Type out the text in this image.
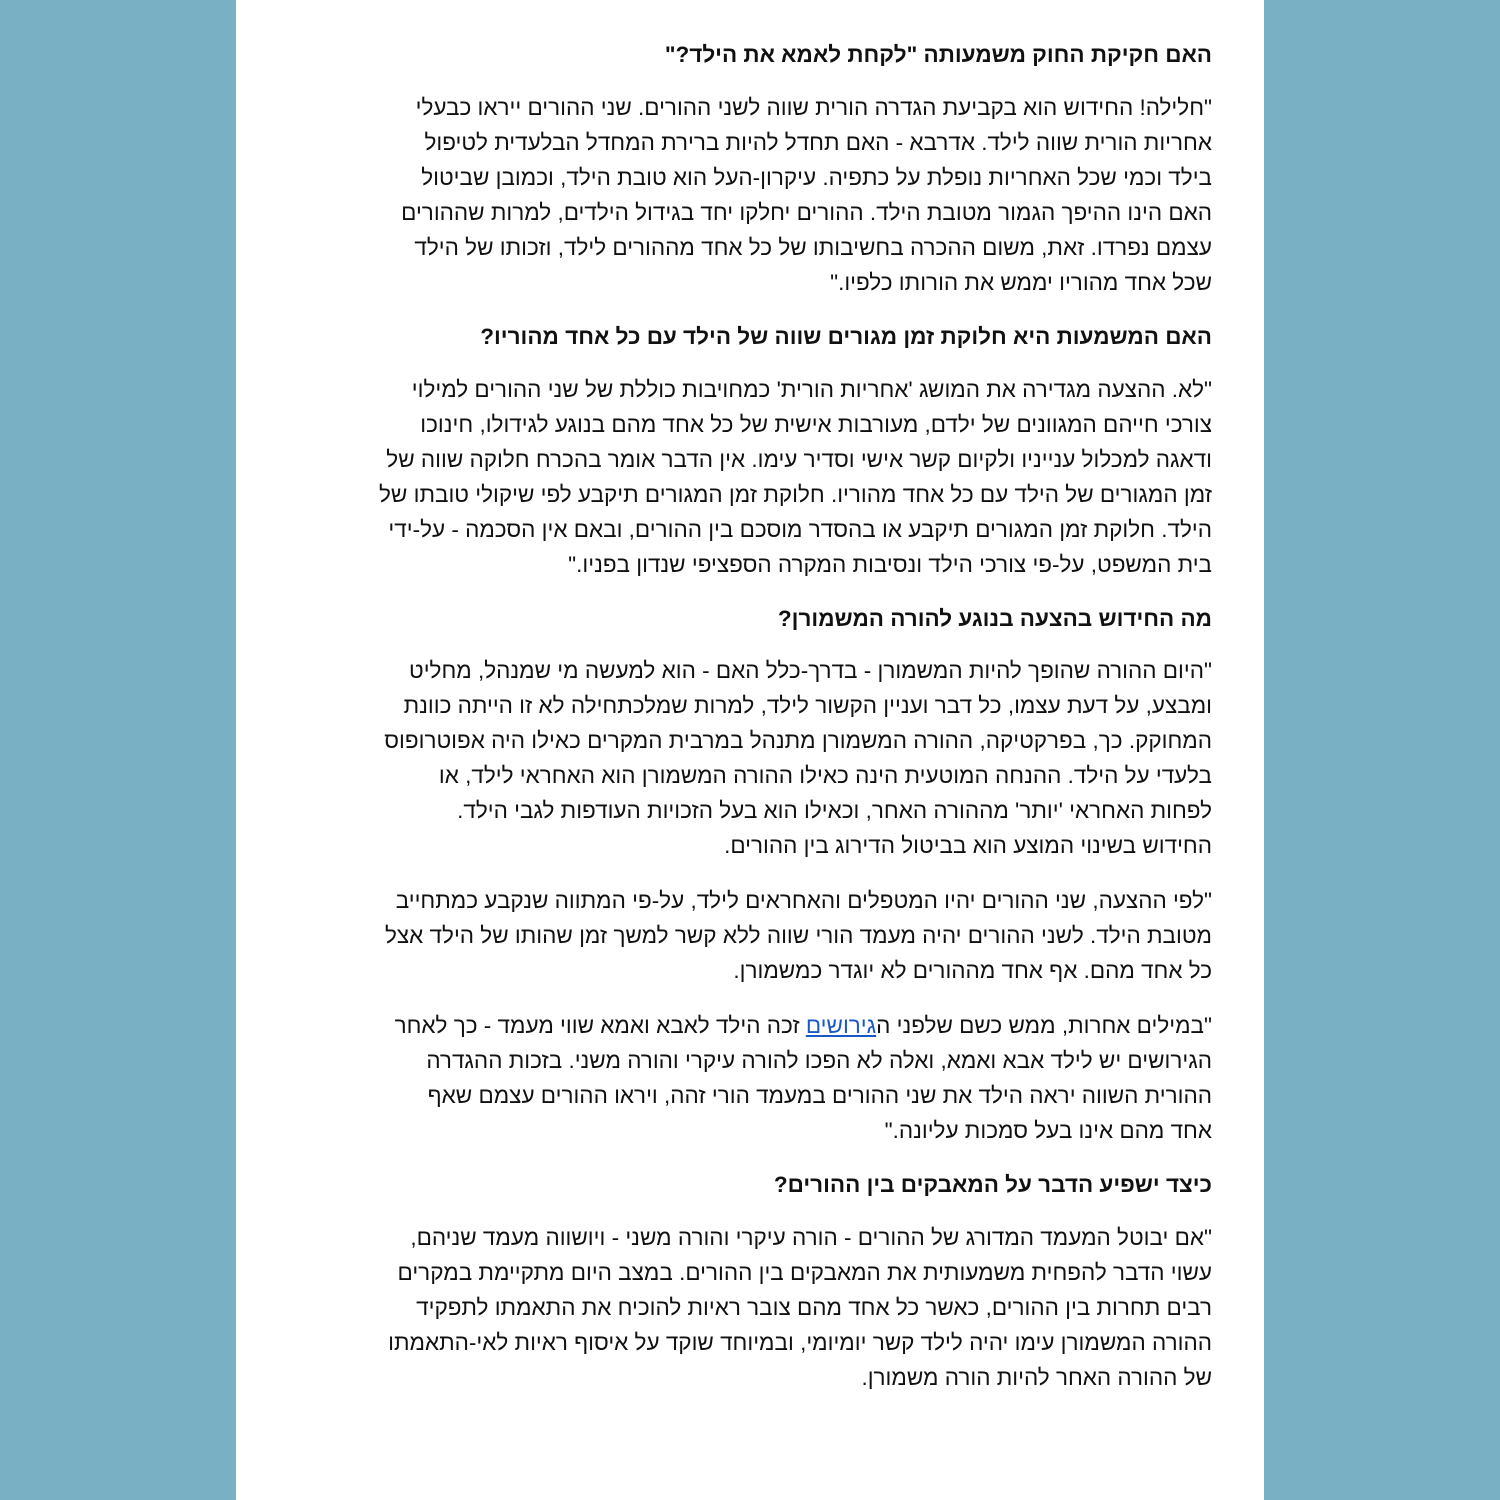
האם חקיקת החוק משמעותה "לקחת לאמא את הילד?"
"חלילה! החידוש הוא בקביעת הגדרה הורית שווה לשני ההורים. שני ההורים ייראו כבעלי
אחריות הורית שווה לילד. אדרבא - האם תחדל להיות ברירת המחדל הבלעדית לטיפול
בילד וכמי שכל האחריות נופלת על כתפיה. עיקרון-העל הוא טובת הילד, וכמובן שביטול
האם הינו ההיפך הגמור מטובת הילד. ההורים יחלקו יחד בגידול הילדים, למרות שההורים
עצמם נפרדו. זאת, משום ההכרה בחשיבותו של כל אחד מההורים לילד, וזכותו של הילד
שכל אחד מהוריו יממש את הורותו כלפיו."
האם המשמעות היא חלוקת זמן מגורים שווה של הילד עם כל אחד מהוריו?
"לא. ההצעה מגדירה את המושג 'אחריות הורית' כמחויבות כוללת של שני ההורים למילוי
צורכי חייהם המגוונים של ילדם, מעורבות אישית של כל אחד מהם בנוגע לגידולו, חינוכו
ודאגה למכלול ענייניו ולקיום קשר אישי וסדיר עימו. אין הדבר אומר בהכרח חלוקה שווה של
זמן המגורים של הילד עם כל אחד מהוריו. חלוקת זמן המגורים תיקבע לפי שיקולי טובתו של
הילד. חלוקת זמן המגורים תיקבע או בהסדר מוסכם בין ההורים, ובאם אין הסכמה - על-ידי
בית המשפט, על-פי צורכי הילד ונסיבות המקרה הספציפי שנדון בפניו."
מה החידוש בהצעה בנוגע להורה המשמורן?
"היום ההורה שהופך להיות המשמורן - בדרך-כלל האם - הוא למעשה מי שמנהל, מחליט
ומבצע, על דעת עצמו, כל דבר ועניין הקשור לילד, למרות שמלכתחילה לא זו הייתה כוונת
המחוקק. כך, בפרקטיקה, ההורה המשמורן מתנהל במרבית המקרים כאילו היה אפוטרופוס
בלעדי על הילד. ההנחה המוטעית הינה כאילו ההורה המשמורן הוא האחראי לילד, או
לפחות האחראי 'יותר' מההורה האחר, וכאילו הוא בעל הזכויות העודפות לגבי הילד.
החידוש בשינוי המוצע הוא בביטול הדירוג בין ההורים.
"לפי ההצעה, שני ההורים יהיו המטפלים והאחראים לילד, על-פי המתווה שנקבע כמתחייב
מטובת הילד. לשני ההורים יהיה מעמד הורי שווה ללא קשר למשך זמן שהותו של הילד אצל
כל אחד מהם. אף אחד מההורים לא יוגדר כמשמורן.
"במילים אחרות, ממש כשם שלפני הגירושים זכה הילד לאבא ואמא שווי מעמד - כך לאחר
הגירושים יש לילד אבא ואמא, ואלה לא הפכו להורה עיקרי והורה משני. בזכות ההגדרה
ההורית השווה יראה הילד את שני ההורים במעמד הורי זהה, ויראו ההורים עצמם שאף
אחד מהם אינו בעל סמכות עליונה."
כיצד ישפיע הדבר על המאבקים בין ההורים?
"אם יבוטל המעמד המדורג של ההורים - הורה עיקרי והורה משני - ויושווה מעמד שניהם,
עשוי הדבר להפחית משמעותית את המאבקים בין ההורים. במצב היום מתקיימת במקרים
רבים תחרות בין ההורים, כאשר כל אחד מהם צובר ראיות להוכיח את התאמתו לתפקיד
ההורה המשמורן עימו יהיה לילד קשר יומיומי, ובמיוחד שוקד על איסוף ראיות לאי-התאמתו
של ההורה האחר להיות הורה משמורן.
